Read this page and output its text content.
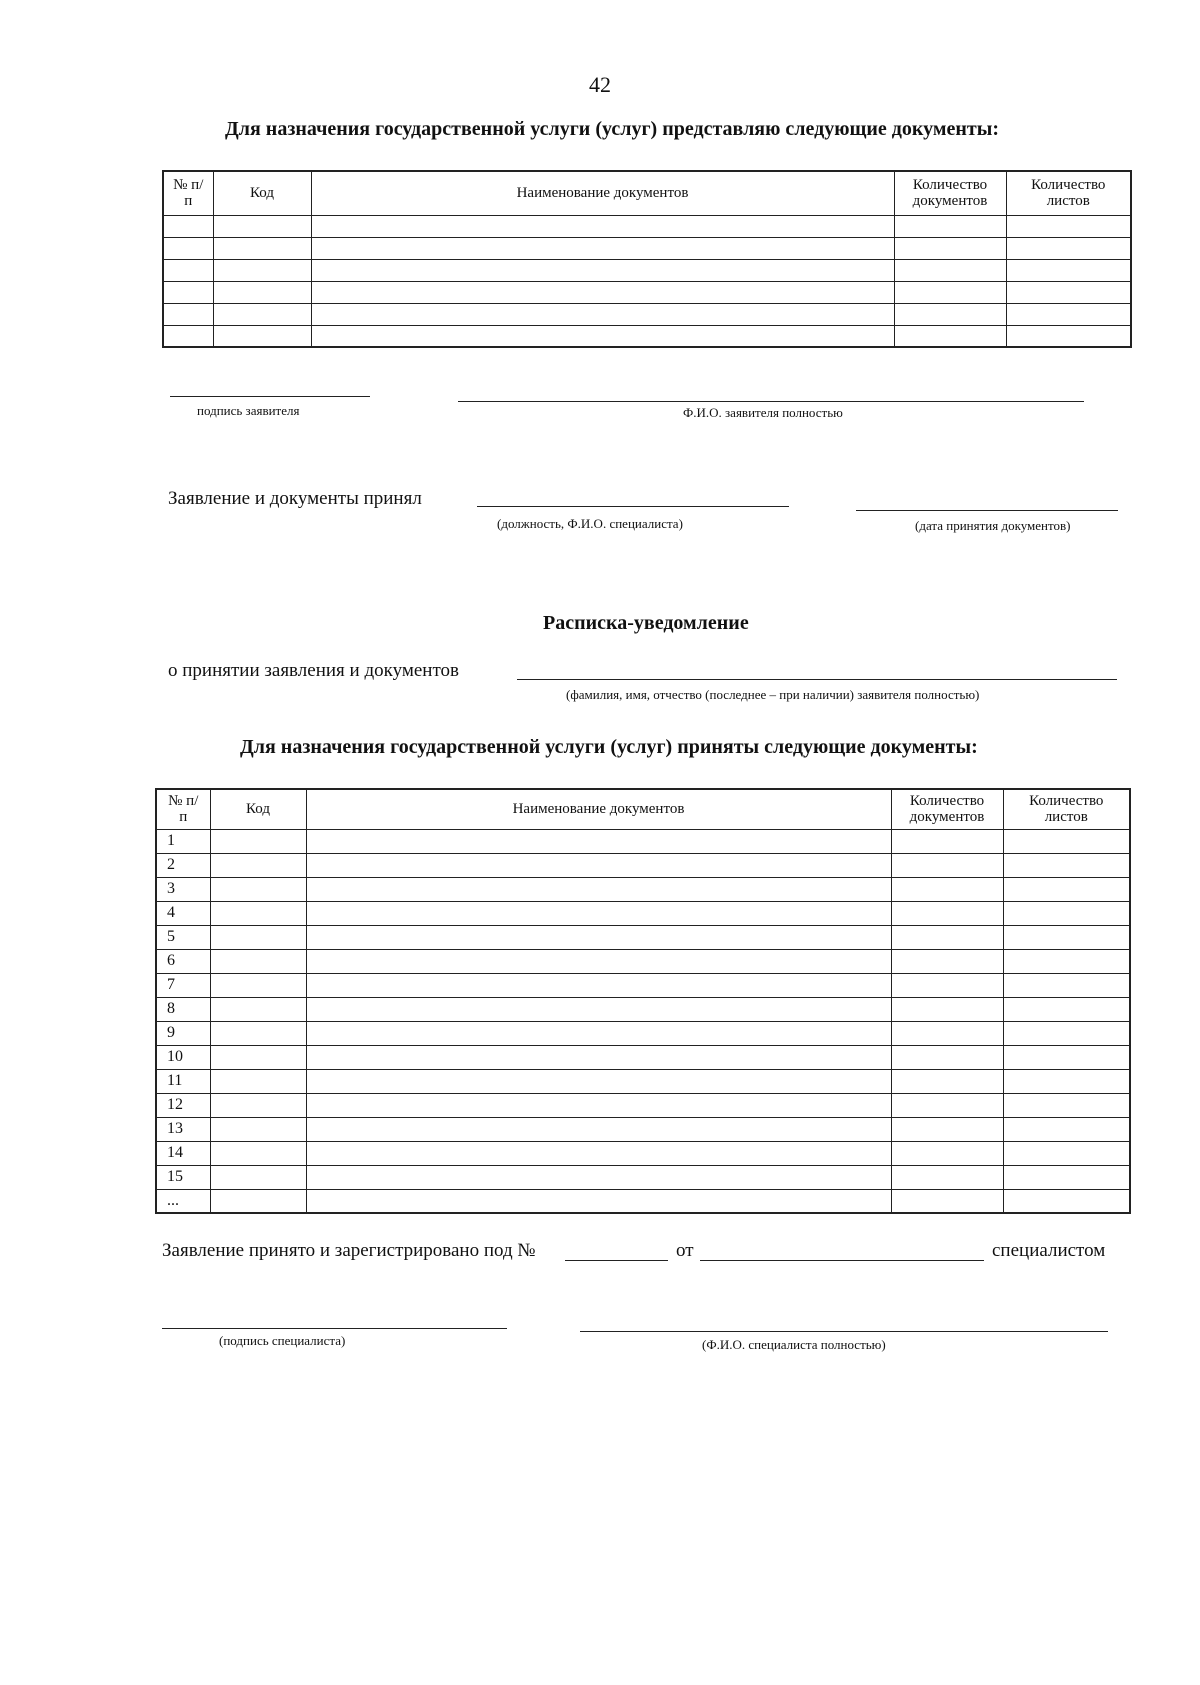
42
Для назначения государственной услуги (услуг) представляю следующие документы:
№ п/п	Код	Наименование документов	Количество документов	Количество листов

подпись заявителя	Ф.И.О. заявителя полностью
Заявление и документы принял
(должность, Ф.И.О. специалиста)	(дата принятия документов)
Расписка-уведомление
о принятии заявления и документов
(фамилия, имя, отчество (последнее – при наличии) заявителя полностью)
Для назначения государственной услуги (услуг) приняты следующие документы:
№ п/п	Код	Наименование документов	Количество документов	Количество листов
1				
2				
3				
4				
5				
6				
7				
8				
9				
10				
11				
12				
13				
14				
15				
...				
Заявление принято и зарегистрировано под №	от	специалистом
(подпись специалиста)	(Ф.И.О. специалиста полностью)
